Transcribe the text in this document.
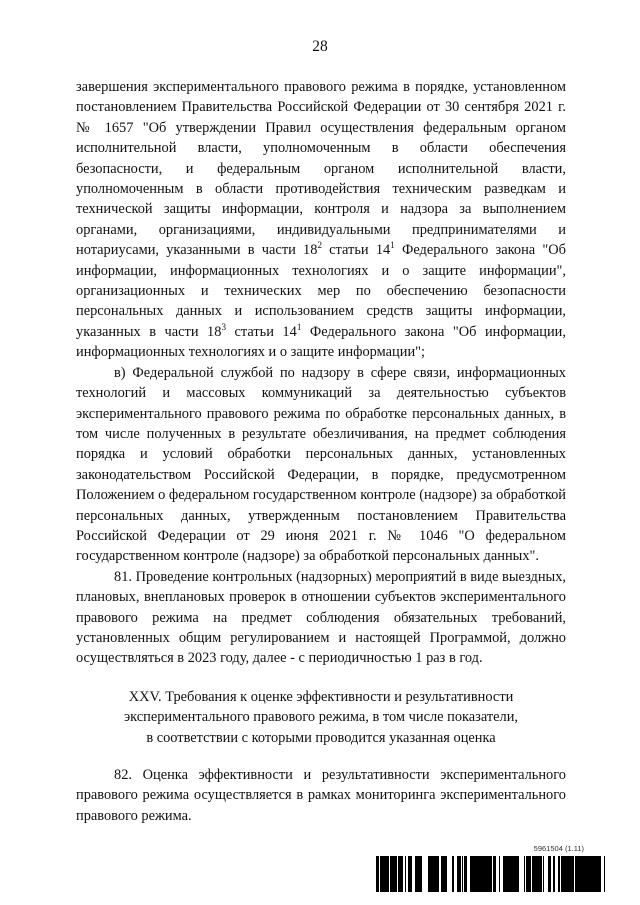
28

завершения экспериментального правового режима в порядке, установленном постановлением Правительства Российской Федерации от 30 сентября 2021 г. № 1657 "Об утверждении Правил осуществления федеральным органом исполнительной власти, уполномоченным в области обеспечения безопасности, и федеральным органом исполнительной власти, уполномоченным в области противодействия техническим разведкам и технической защиты информации, контроля и надзора за выполнением органами, организациями, индивидуальными предпринимателями и нотариусами, указанными в части $18^2$ статьи $14^1$ Федерального закона "Об информации, информационных технологиях и о защите информации", организационных и технических мер по обеспечению безопасности персональных данных и использованием средств защиты информации, указанных в части $18^3$ статьи $14^1$ Федерального закона "Об информации, информационных технологиях и о защите информации";

в) Федеральной службой по надзору в сфере связи, информационных технологий и массовых коммуникаций за деятельностью субъектов экспериментального правового режима по обработке персональных данных, в том числе полученных в результате обезличивания, на предмет соблюдения порядка и условий обработки персональных данных, установленных законодательством Российской Федерации, в порядке, предусмотренном Положением о федеральном государственном контроле (надзоре) за обработкой персональных данных, утвержденным постановлением Правительства Российской Федерации от 29 июня 2021 г. № 1046 "О федеральном государственном контроле (надзоре) за обработкой персональных данных".

81. Проведение контрольных (надзорных) мероприятий в виде выездных, плановых, внеплановых проверок в отношении субъектов экспериментального правового режима на предмет соблюдения обязательных требований, установленных общим регулированием и настоящей Программой, должно осуществляться в 2023 году, далее - с периодичностью 1 раз в год.

XXV. Требования к оценке эффективности и результативности
экспериментального правового режима, в том числе показатели,
в соответствии с которыми проводится указанная оценка

82. Оценка эффективности и результативности экспериментального правового режима осуществляется в рамках мониторинга экспериментального правового режима.

5961504 (1.11)
